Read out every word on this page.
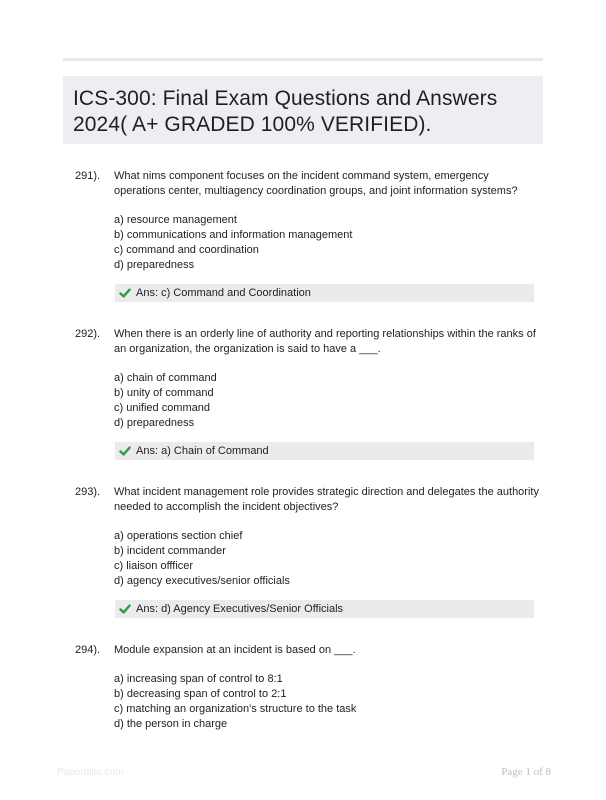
ICS-300: Final Exam Questions and Answers 2024( A+ GRADED 100% VERIFIED).
291). What nims component focuses on the incident command system, emergency operations center, multiagency coordination groups, and joint information systems?
a) resource management
b) communications and information management
c) command and coordination
d) preparedness
Ans: c) Command and Coordination
292). When there is an orderly line of authority and reporting relationships within the ranks of an organization, the organization is said to have a ___.
a) chain of command
b) unity of command
c) unified command
d) preparedness
Ans: a) Chain of Command
293). What incident management role provides strategic direction and delegates the authority needed to accomplish the incident objectives?
a) operations section chief
b) incident commander
c) liaison offficer
d) agency executives/senior officials
Ans: d) Agency Executives/Senior Officials
294). Module expansion at an incident is based on ___.
a) increasing span of control to 8:1
b) decreasing span of control to 2:1
c) matching an organization's structure to the task
d) the person in charge
Paperdibs.com	Page 1 of 8
